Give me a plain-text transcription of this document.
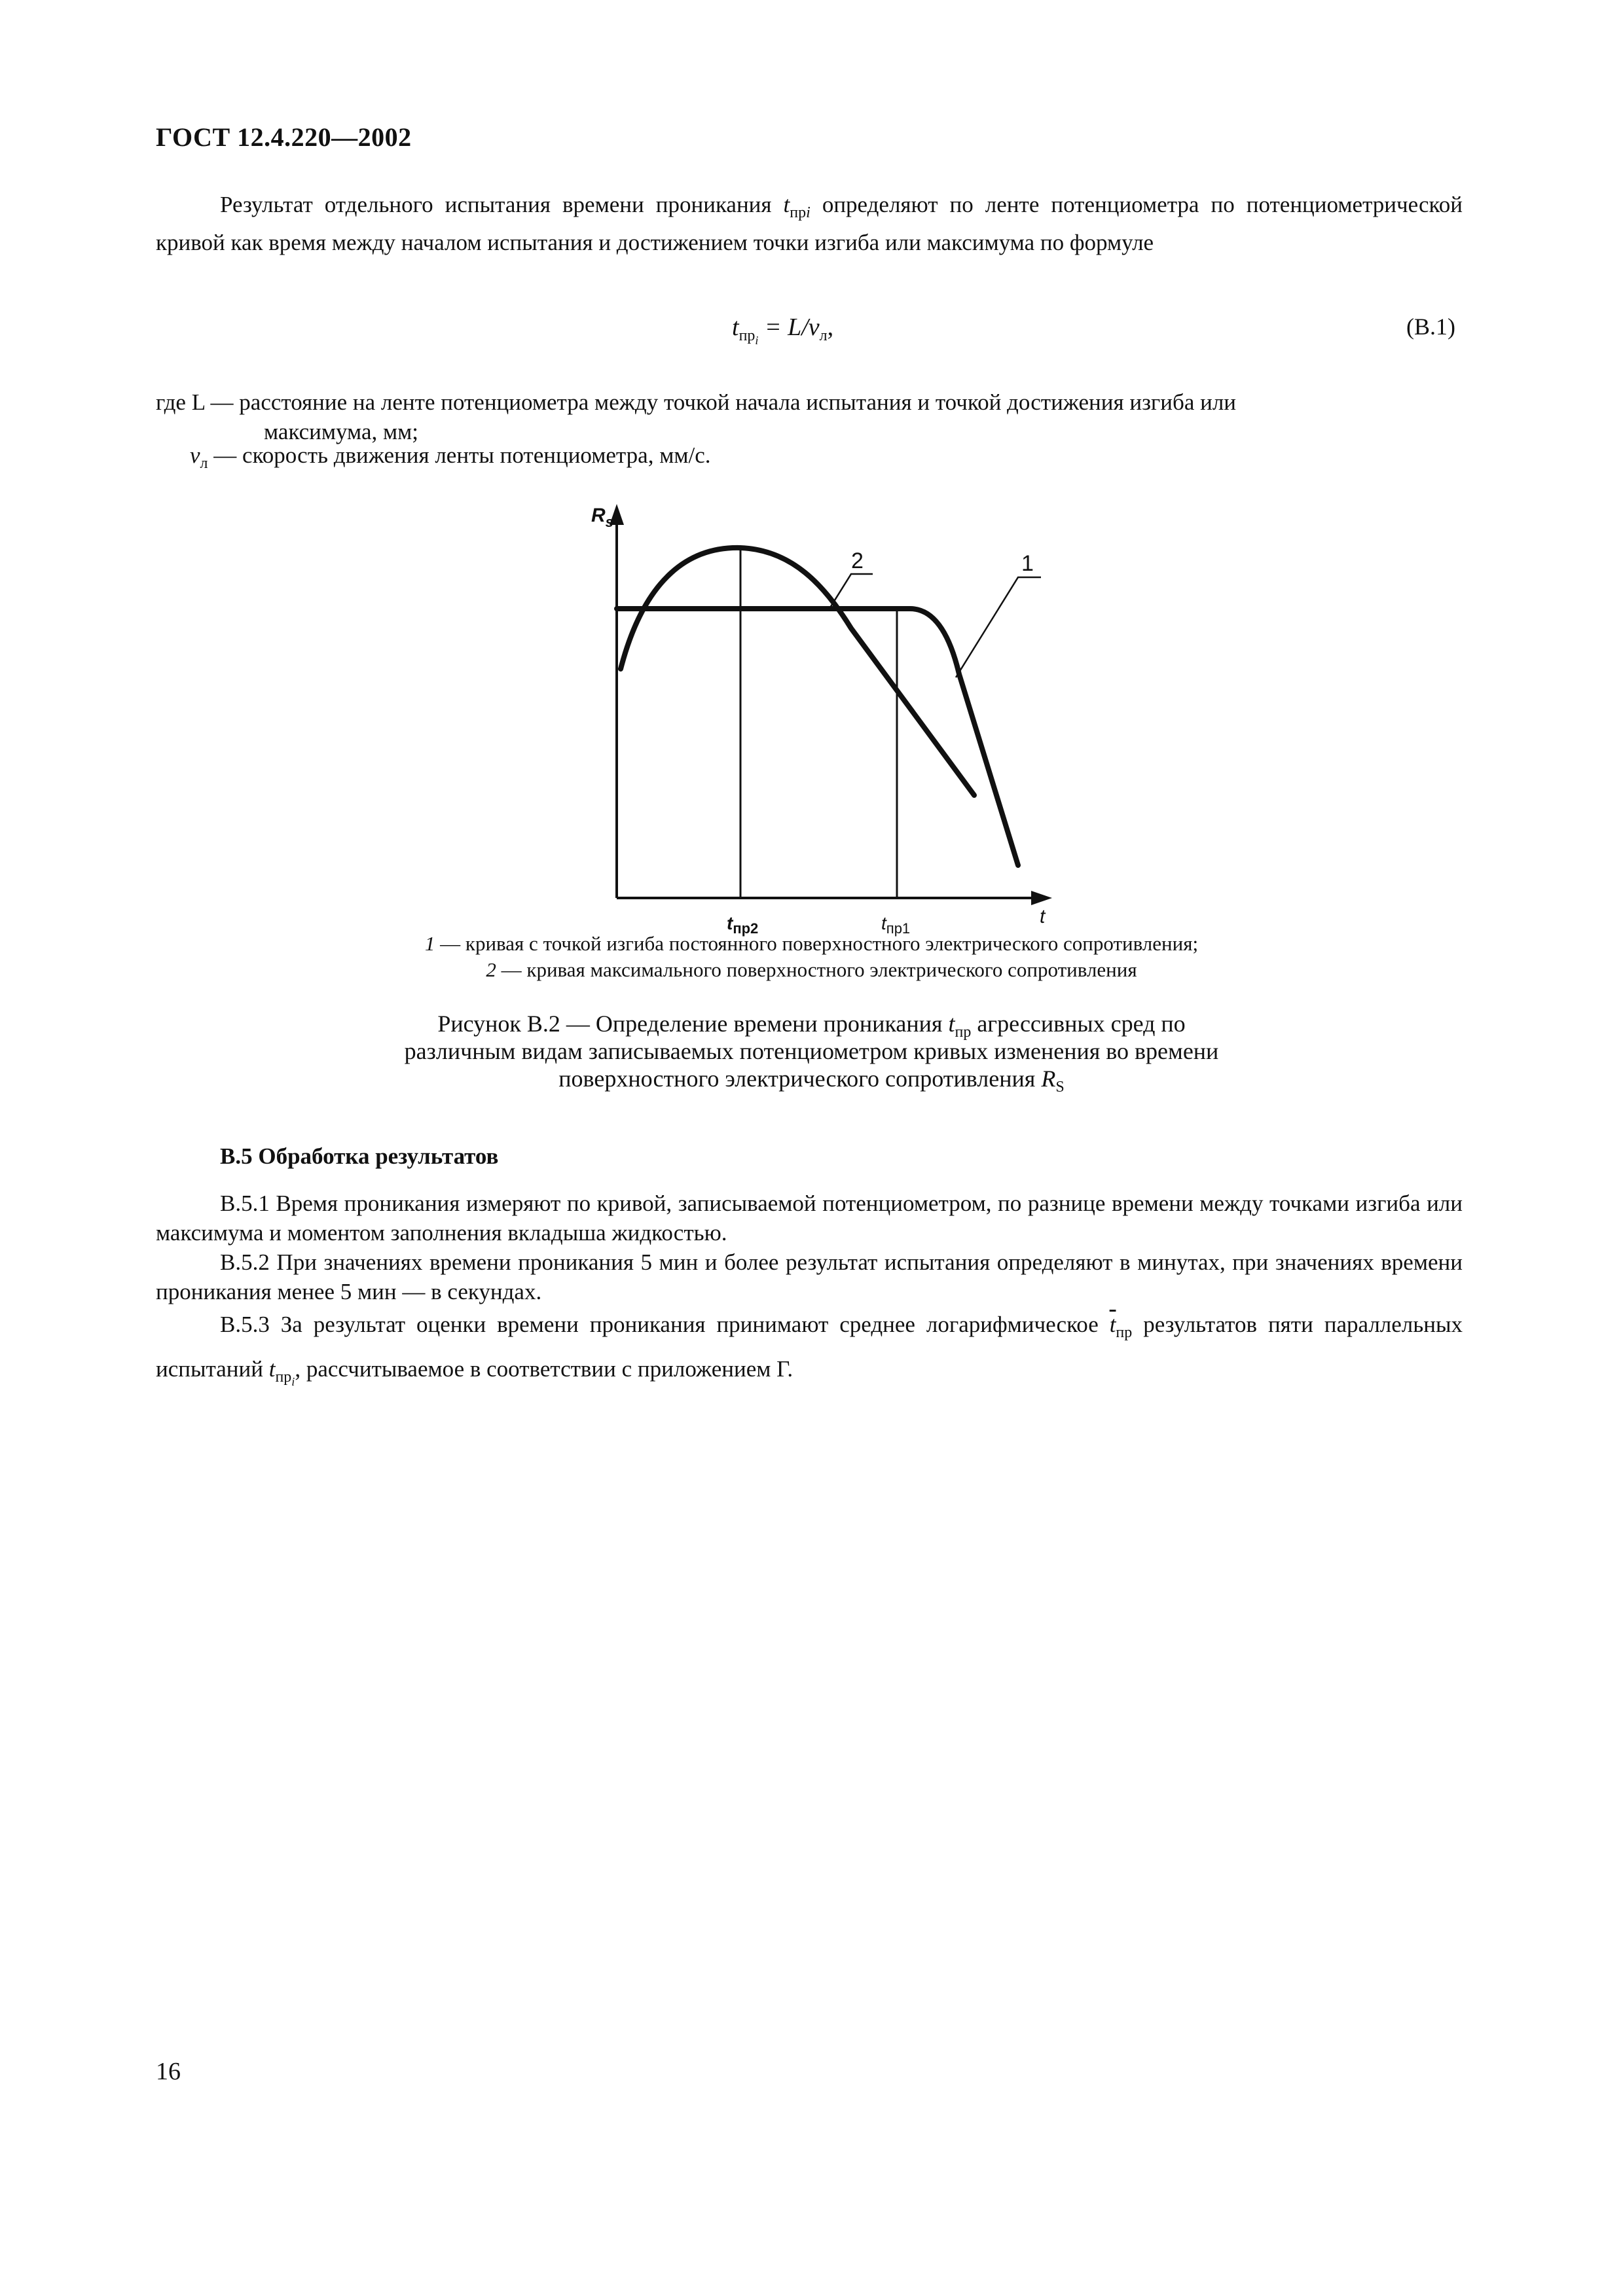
ГОСТ 12.4.220—2002
Результат отдельного испытания времени проникания $t_{прi}$ определяют по ленте потенциометра по потенциометрической кривой как время между началом испытания и достижением точки изгиба или максимума по формуле
$t_{пр_i} = L/v_л$,	(В.1)
где L — расстояние на ленте потенциометра между точкой начала испытания и точкой достижения изгиба или
максимума, мм;
$v_л$ — скорость движения ленты потенциометра, мм/с.
$R_s$
t
$t_{пр2}$	$t_{пр1}$
2	1
1 — кривая с точкой изгиба постоянного поверхностного электрического сопротивления;
2 — кривая максимального поверхностного электрического сопротивления
Рисунок В.2 — Определение времени проникания $t_{пр}$ агрессивных сред по
различным видам записываемых потенциометром кривых изменения во времени
поверхностного электрического сопротивления $R_S$
В.5 Обработка результатов
В.5.1 Время проникания измеряют по кривой, записываемой потенциометром, по разнице времени между точками изгиба или максимума и моментом заполнения вкладыша жидкостью.
В.5.2 При значениях времени проникания 5 мин и более результат испытания определяют в минутах, при значениях времени проникания менее 5 мин — в секундах.
В.5.3 За результат оценки времени проникания принимают среднее логарифмическое $\overline{t}_{пр}$ результатов пяти параллельных испытаний $t_{пр_i}$, рассчитываемое в соответствии с приложением Г.
16
